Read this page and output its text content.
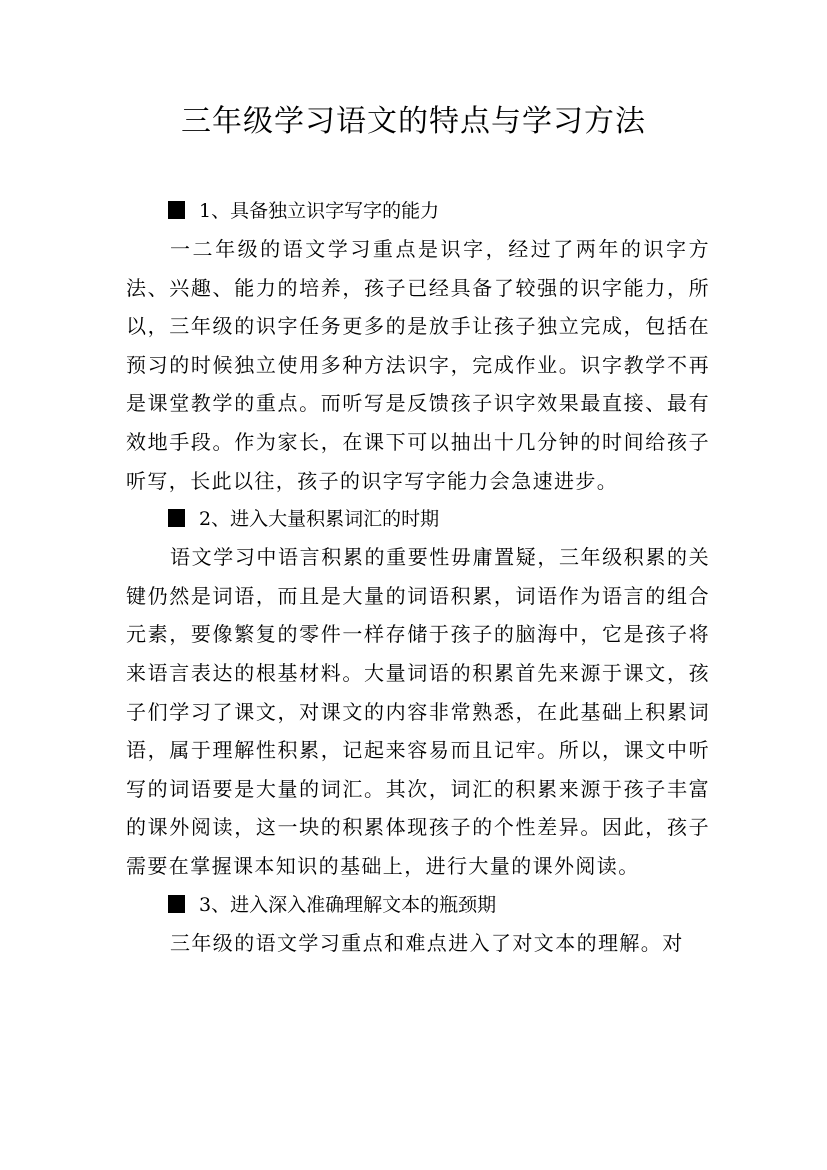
三年级学习语文的特点与学习方法
1、具备独立识字写字的能力

一二年级的语文学习重点是识字，经过了两年的识字方法、兴趣、能力的培养，孩子已经具备了较强的识字能力，所以，三年级的识字任务更多的是放手让孩子独立完成，包括在预习的时候独立使用多种方法识字，完成作业。识字教学不再是课堂教学的重点。而听写是反馈孩子识字效果最直接、最有效地手段。作为家长，在课下可以抽出十几分钟的时间给孩子听写，长此以往，孩子的识字写字能力会急速进步。

2、进入大量积累词汇的时期

语文学习中语言积累的重要性毋庸置疑，三年级积累的关键仍然是词语，而且是大量的词语积累，词语作为语言的组合元素，要像繁复的零件一样存储于孩子的脑海中，它是孩子将来语言表达的根基材料。大量词语的积累首先来源于课文，孩子们学习了课文，对课文的内容非常熟悉，在此基础上积累词语，属于理解性积累，记起来容易而且记牢。所以，课文中听写的词语要是大量的词汇。其次，词汇的积累来源于孩子丰富的课外阅读，这一块的积累体现孩子的个性差异。因此，孩子需要在掌握课本知识的基础上，进行大量的课外阅读。

3、进入深入准确理解文本的瓶颈期

三年级的语文学习重点和难点进入了对文本的理解。对
